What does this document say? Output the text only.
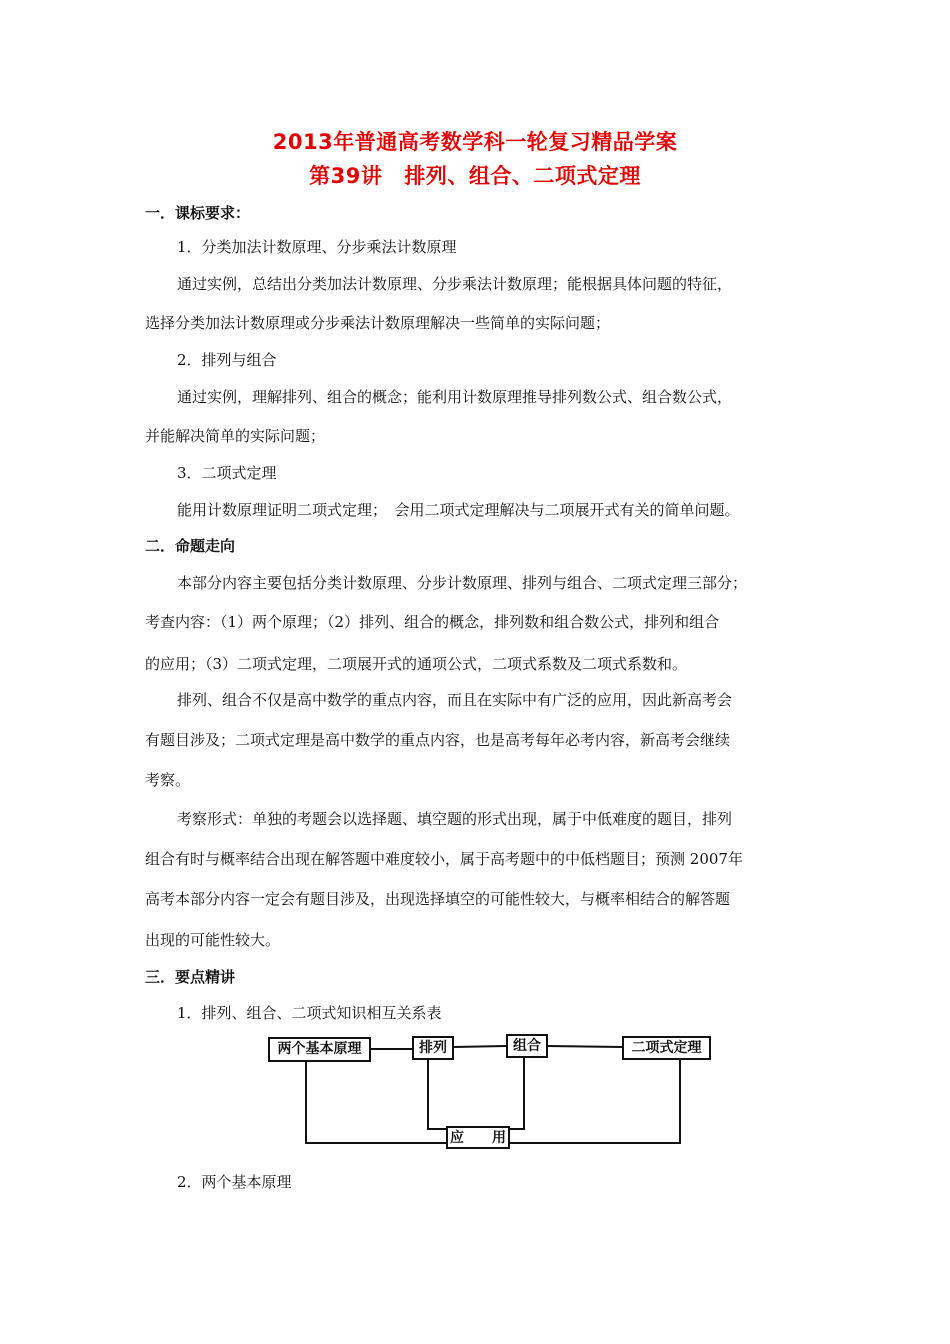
2013年普通高考数学科一轮复习精品学案
第39讲 排列、组合、二项式定理
一．课标要求：
1．分类加法计数原理、分步乘法计数原理
通过实例，总结出分类加法计数原理、分步乘法计数原理；能根据具体问题的特征，
选择分类加法计数原理或分步乘法计数原理解决一些简单的实际问题；
2．排列与组合
通过实例，理解排列、组合的概念；能利用计数原理推导排列数公式、组合数公式，
并能解决简单的实际问题；
3．二项式定理
能用计数原理证明二项式定理；　会用二项式定理解决与二项展开式有关的简单问题。
二．命题走向
本部分内容主要包括分类计数原理、分步计数原理、排列与组合、二项式定理三部分；
考查内容：（1）两个原理；（2）排列、组合的概念，排列数和组合数公式，排列和组合
的应用；（3）二项式定理，二项展开式的通项公式，二项式系数及二项式系数和。
排列、组合不仅是高中数学的重点内容，而且在实际中有广泛的应用，因此新高考会
有题目涉及；二项式定理是高中数学的重点内容，也是高考每年必考内容，新高考会继续
考察。
考察形式：单独的考题会以选择题、填空题的形式出现，属于中低难度的题目，排列
组合有时与概率结合出现在解答题中难度较小，属于高考题中的中低档题目；预测 2007年
高考本部分内容一定会有题目涉及，出现选择填空的可能性较大，与概率相结合的解答题
出现的可能性较大。
三．要点精讲
1．排列、组合、二项式知识相互关系表
两个基本原理	排列	组合	二项式定理
应　　用
2．两个基本原理
